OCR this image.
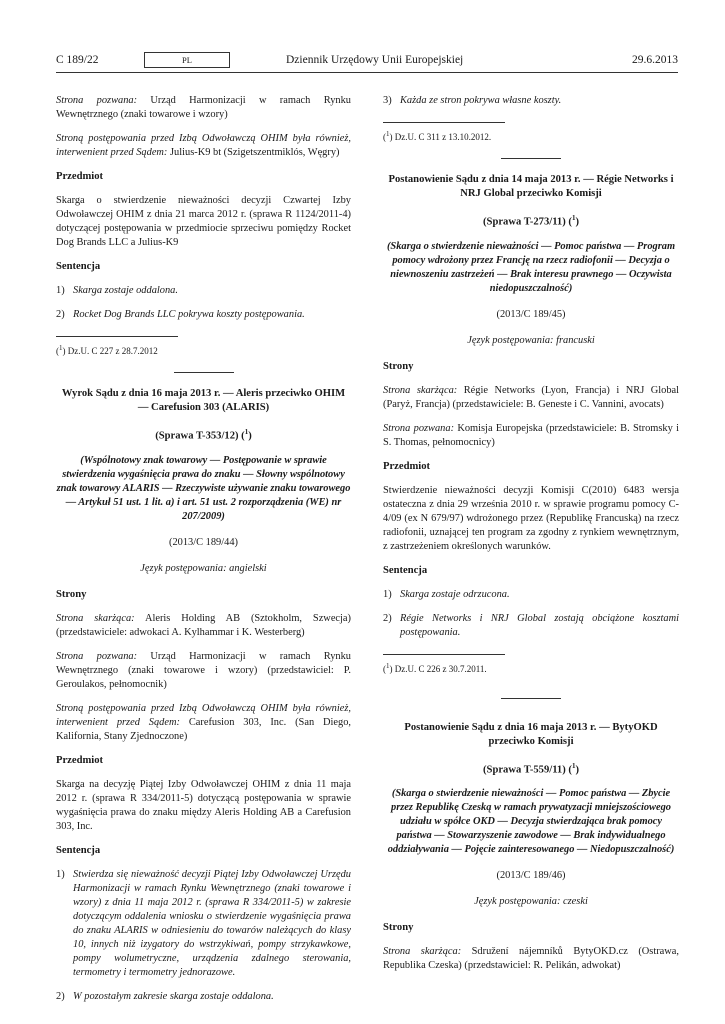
C 189/22	PL	Dziennik Urzędowy Unii Europejskiej	29.6.2013

Strona pozwana: Urząd Harmonizacji w ramach Rynku Wewnętrznego (znaki towarowe i wzory)

Stroną postępowania przed Izbą Odwoławczą OHIM była również, interwenient przed Sądem: Julius-K9 bt (Szigetszentmiklós, Węgry)

Przedmiot

Skarga o stwierdzenie nieważności decyzji Czwartej Izby Odwoławczej OHIM z dnia 21 marca 2012 r. (sprawa R 1124/2011-4) dotyczącej postępowania w przedmiocie sprzeciwu pomiędzy Rocket Dog Brands LLC a Julius-K9

Sentencja
1) Skarga zostaje oddalona.
2) Rocket Dog Brands LLC pokrywa koszty postępowania.

($^1$) Dz.U. C 227 z 28.7.2012

Wyrok Sądu z dnia 16 maja 2013 r. — Aleris przeciwko OHIM — Carefusion 303 (ALARIS)
(Sprawa T-353/12) ($^1$)
(Wspólnotowy znak towarowy — Postępowanie w sprawie stwierdzenia wygaśnięcia prawa do znaku — Słowny wspólnotowy znak towarowy ALARIS — Rzeczywiste używanie znaku towarowego — Artykuł 51 ust. 1 lit. a) i art. 51 ust. 2 rozporządzenia (WE) nr 207/2009)
(2013/C 189/44)
Język postępowania: angielski
Strony

Strona skarżąca: Aleris Holding AB (Sztokholm, Szwecja) (przedstawiciele: adwokaci A. Kylhammar i K. Westerberg)

Strona pozwana: Urząd Harmonizacji w ramach Rynku Wewnętrznego (znaki towarowe i wzory) (przedstawiciel: P. Geroulakos, pełnomocnik)

Stroną postępowania przed Izbą Odwoławczą OHIM była również, interwenient przed Sądem: Carefusion 303, Inc. (San Diego, Kalifornia, Stany Zjednoczone)

Przedmiot

Skarga na decyzję Piątej Izby Odwoławczej OHIM z dnia 11 maja 2012 r. (sprawa R 334/2011-5) dotyczącą postępowania w sprawie wygaśnięcia prawa do znaku między Aleris Holding AB a Carefusion 303, Inc.

Sentencja
1) Stwierdza się nieważność decyzji Piątej Izby Odwoławczej Urzędu Harmonizacji w ramach Rynku Wewnętrznego (znaki towarowe i wzory) z dnia 11 maja 2012 r. (sprawa R 334/2011-5) w zakresie dotyczącym oddalenia wniosku o stwierdzenie wygaśnięcia prawa do znaku ALARIS w odniesieniu do towarów należących do klasy 10, innych niż izygatory do wstrzykiwań, pompy strzykawkowe, pompy wolumetryczne, urządzenia zdalnego sterowania, termometry i termometry jednorazowe.
2) W pozostałym zakresie skarga zostaje oddalona.
3) Każda ze stron pokrywa własne koszty.

($^1$) Dz.U. C 311 z 13.10.2012.

Postanowienie Sądu z dnia 14 maja 2013 r. — Régie Networks i NRJ Global przeciwko Komisji
(Sprawa T-273/11) ($^1$)
(Skarga o stwierdzenie nieważności — Pomoc państwa — Program pomocy wdrożony przez Francję na rzecz radiofonii — Decyzja o niewnoszeniu zastrzeżeń — Brak interesu prawnego — Oczywista niedopuszczalność)
(2013/C 189/45)
Język postępowania: francuski
Strony

Strona skarżąca: Régie Networks (Lyon, Francja) i NRJ Global (Paryż, Francja) (przedstawiciele: B. Geneste i C. Vannini, avocats)

Strona pozwana: Komisja Europejska (przedstawiciele: B. Stromsky i S. Thomas, pełnomocnicy)

Przedmiot

Stwierdzenie nieważności decyzji Komisji C(2010) 6483 wersja ostateczna z dnia 29 września 2010 r. w sprawie programu pomocy C-4/09 (ex N 679/97) wdrożonego przez (Republikę Francuską) na rzecz radiofonii, uznającej ten program za zgodny z rynkiem wewnętrznym, z zastrzeżeniem określonych warunków.

Sentencja
1) Skarga zostaje odrzucona.
2) Régie Networks i NRJ Global zostają obciążone kosztami postępowania.

($^1$) Dz.U. C 226 z 30.7.2011.

Postanowienie Sądu z dnia 16 maja 2013 r. — BytyOKD przeciwko Komisji
(Sprawa T-559/11) ($^1$)
(Skarga o stwierdzenie nieważności — Pomoc państwa — Zbycie przez Republikę Czeską w ramach prywatyzacji mniejszościowego udziału w spółce OKD — Decyzja stwierdzająca brak pomocy państwa — Stowarzyszenie zawodowe — Brak indywidualnego oddziaływania — Pojęcie zainteresowanego — Niedopuszczalność)
(2013/C 189/46)
Język postępowania: czeski
Strony

Strona skarżąca: Sdružení nájemníků BytyOKD.cz (Ostrawa, Republika Czeska) (przedstawiciel: R. Pelikán, adwokat)
